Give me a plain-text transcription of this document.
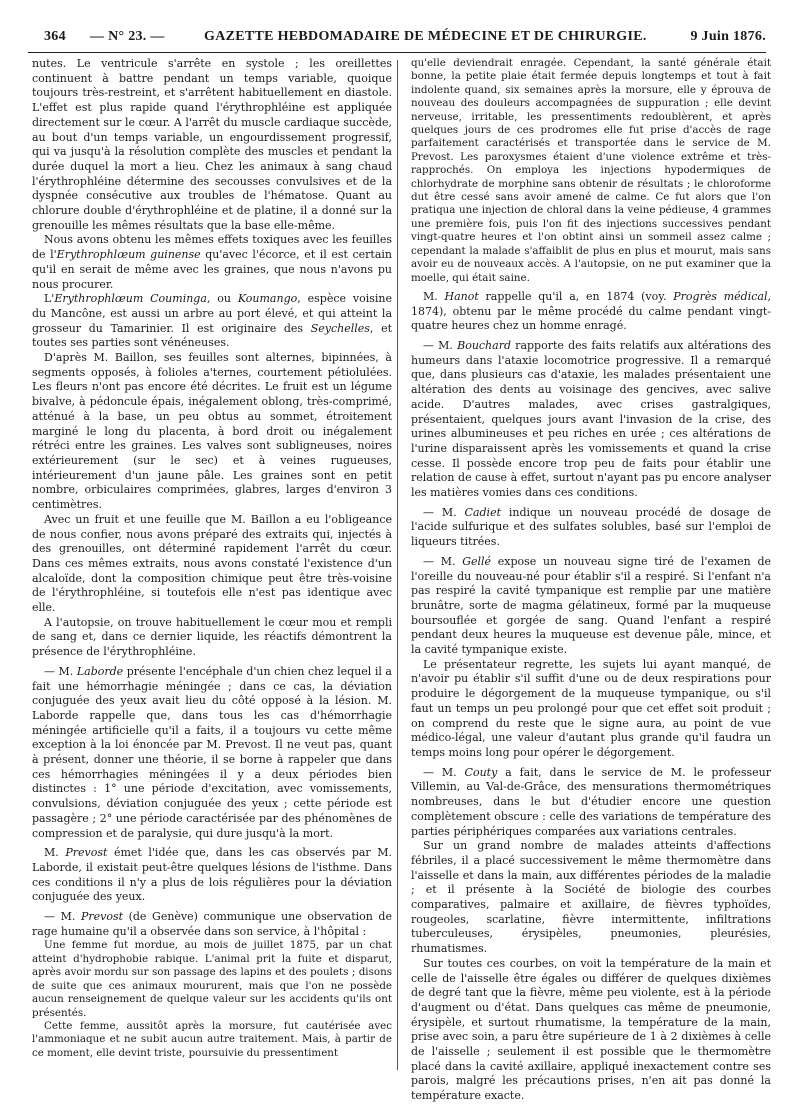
364 — N° 23. —	GAZETTE HEBDOMADAIRE DE MÉDECINE ET DE CHIRURGIE.	9 Juin 1876.

nutes. Le ventricule s'arrête en systole ; les oreillettes continuent à battre pendant un temps variable, quoique toujours très-restreint, et s'arrêtent habituellement en diastole. L'effet est plus rapide quand l'érythrophléine est appliquée directement sur le cœur. A l'arrêt du muscle cardiaque succède, au bout d'un temps variable, un engourdissement progressif, qui va jusqu'à la résolution complète des muscles et pendant la durée duquel la mort a lieu. Chez les animaux à sang chaud l'érythrophléine détermine des secousses convulsives et de la dyspnée consécutive aux troubles de l'hématose. Quant au chlorure double d'érythrophléine et de platine, il a donné sur la grenouille les mêmes résultats que la base elle-même.

Nous avons obtenu les mêmes effets toxiques avec les feuilles de l'Erythrophlœum guinense qu'avec l'écorce, et il est certain qu'il en serait de même avec les graines, que nous n'avons pu nous procurer.

L'Erythrophlœum Couminga, ou Koumango, espèce voisine du Mancône, est aussi un arbre au port élevé, et qui atteint la grosseur du Tamarinier. Il est originaire des Seychelles, et toutes ses parties sont vénéneuses.

D'après M. Baillon, ses feuilles sont alternes, bipinnées, à segments opposés, à folioles a'ternes, courtement pétiolulées. Les fleurs n'ont pas encore été décrites. Le fruit est un légume bivalve, à pédoncule épais, inégalement oblong, très-comprimé, atténué à la base, un peu obtus au sommet, étroitement marginé le long du placenta, à bord droit ou inégalement rétréci entre les graines. Les valves sont subligneuses, noires extérieurement (sur le sec) et à veines rugueuses, intérieurement d'un jaune pâle. Les graines sont en petit nombre, orbiculaires comprimées, glabres, larges d'environ 3 centimètres.

Avec un fruit et une feuille que M. Baillon a eu l'obligeance de nous confier, nous avons préparé des extraits qui, injectés à des grenouilles, ont déterminé rapidement l'arrêt du cœur. Dans ces mêmes extraits, nous avons constaté l'existence d'un alcaloïde, dont la composition chimique peut être très-voisine de l'érythrophléine, si toutefois elle n'est pas identique avec elle.

A l'autopsie, on trouve habituellement le cœur mou et rempli de sang et, dans ce dernier liquide, les réactifs démontrent la présence de l'érythrophléine.

— M. Laborde présente l'encéphale d'un chien chez lequel il a fait une hémorrhagie méningée ; dans ce cas, la déviation conjuguée des yeux avait lieu du côté opposé à la lésion. M. Laborde rappelle que, dans tous les cas d'hémorrhagie méningée artificielle qu'il a faits, il a toujours vu cette même exception à la loi énoncée par M. Prevost. Il ne veut pas, quant à présent, donner une théorie, il se borne à rappeler que dans ces hémorrhagies méningées il y a deux périodes bien distinctes : 1° une période d'excitation, avec vomissements, convulsions, déviation conjuguée des yeux ; cette période est passagère ; 2° une période caractérisée par des phénomènes de compression et de paralysie, qui dure jusqu'à la mort.

M. Prevost émet l'idée que, dans les cas observés par M. Laborde, il existait peut-être quelques lésions de l'isthme. Dans ces conditions il n'y a plus de lois régulières pour la déviation conjuguée des yeux.

— M. Prevost (de Genève) communique une observation de rage humaine qu'il a observée dans son service, à l'hôpital :

Une femme fut mordue, au mois de juillet 1875, par un chat atteint d'hydrophobie rabique. L'animal prit la fuite et disparut, après avoir mordu sur son passage des lapins et des poulets ; disons de suite que ces animaux moururent, mais que l'on ne possède aucun renseignement de quelque valeur sur les accidents qu'ils ont présentés.

Cette femme, aussitôt après la morsure, fut cautérisée avec l'ammoniaque et ne subit aucun autre traitement. Mais, à partir de ce moment, elle devint triste, poursuivie du pressentiment

qu'elle deviendrait enragée. Cependant, la santé générale était bonne, la petite plaie était fermée depuis longtemps et tout à fait indolente quand, six semaines après la morsure, elle y éprouva de nouveau des douleurs accompagnées de suppuration ; elle devint nerveuse, irritable, les pressentiments redoublèrent, et après quelques jours de ces prodromes elle fut prise d'accès de rage parfaitement caractérisés et transportée dans le service de M. Prevost. Les paroxysmes étaient d'une violence extrême et très-rapprochés. On employa les injections hypodermiques de chlorhydrate de morphine sans obtenir de résultats ; le chloroforme dut être cessé sans avoir amené de calme. Ce fut alors que l'on pratiqua une injection de chloral dans la veine pédieuse, 4 grammes une première fois, puis l'on fit des injections successives pendant vingt-quatre heures et l'on obtint ainsi un sommeil assez calme ; cependant la malade s'affaiblit de plus en plus et mourut, mais sans avoir eu de nouveaux accès. A l'autopsie, on ne put examiner que la moelle, qui était saine.

M. Hanot rappelle qu'il a, en 1874 (voy. Progrès médical, 1874), obtenu par le même procédé du calme pendant vingt-quatre heures chez un homme enragé.

— M. Bouchard rapporte des faits relatifs aux altérations des humeurs dans l'ataxie locomotrice progressive. Il a remarqué que, dans plusieurs cas d'ataxie, les malades présentaient une altération des dents au voisinage des gencives, avec salive acide. D'autres malades, avec crises gastralgiques, présentaient, quelques jours avant l'invasion de la crise, des urines albumineuses et peu riches en urée ; ces altérations de l'urine disparaissent après les vomissements et quand la crise cesse. Il possède encore trop peu de faits pour établir une relation de cause à effet, surtout n'ayant pas pu encore analyser les matières vomies dans ces conditions.

— M. Cadiet indique un nouveau procédé de dosage de l'acide sulfurique et des sulfates solubles, basé sur l'emploi de liqueurs titrées.

— M. Gellé expose un nouveau signe tiré de l'examen de l'oreille du nouveau-né pour établir s'il a respiré. Si l'enfant n'a pas respiré la cavité tympanique est remplie par une matière brunâtre, sorte de magma gélatineux, formé par la muqueuse boursouflée et gorgée de sang. Quand l'enfant a respiré pendant deux heures la muqueuse est devenue pâle, mince, et la cavité tympanique existe.

Le présentateur regrette, les sujets lui ayant manqué, de n'avoir pu établir s'il suffit d'une ou de deux respirations pour produire le dégorgement de la muqueuse tympanique, ou s'il faut un temps un peu prolongé pour que cet effet soit produit ; on comprend du reste que le signe aura, au point de vue médico-légal, une valeur d'autant plus grande qu'il faudra un temps moins long pour opérer le dégorgement.

— M. Couty a fait, dans le service de M. le professeur Villemin, au Val-de-Grâce, des mensurations thermométriques nombreuses, dans le but d'étudier encore une question complètement obscure : celle des variations de température des parties périphériques comparées aux variations centrales.

Sur un grand nombre de malades atteints d'affections fébriles, il a placé successivement le même thermomètre dans l'aisselle et dans la main, aux différentes périodes de la maladie ; et il présente à la Société de biologie des courbes comparatives, palmaire et axillaire, de fièvres typhoïdes, rougeoles, scarlatine, fièvre intermittente, infiltrations tuberculeuses, érysipèles, pneumonies, pleurésies, rhumatismes.

Sur toutes ces courbes, on voit la température de la main et celle de l'aisselle être égales ou différer de quelques dixièmes de degré tant que la fièvre, même peu violente, est à la période d'augment ou d'état. Dans quelques cas même de pneumonie, érysipèle, et surtout rhumatisme, la température de la main, prise avec soin, a paru être supérieure de 1 à 2 dixièmes à celle de l'aisselle ; seulement il est possible que le thermomètre placé dans la cavité axillaire, appliqué inexactement contre ses parois, malgré les précautions prises, n'en ait pas donné la température exacte.
